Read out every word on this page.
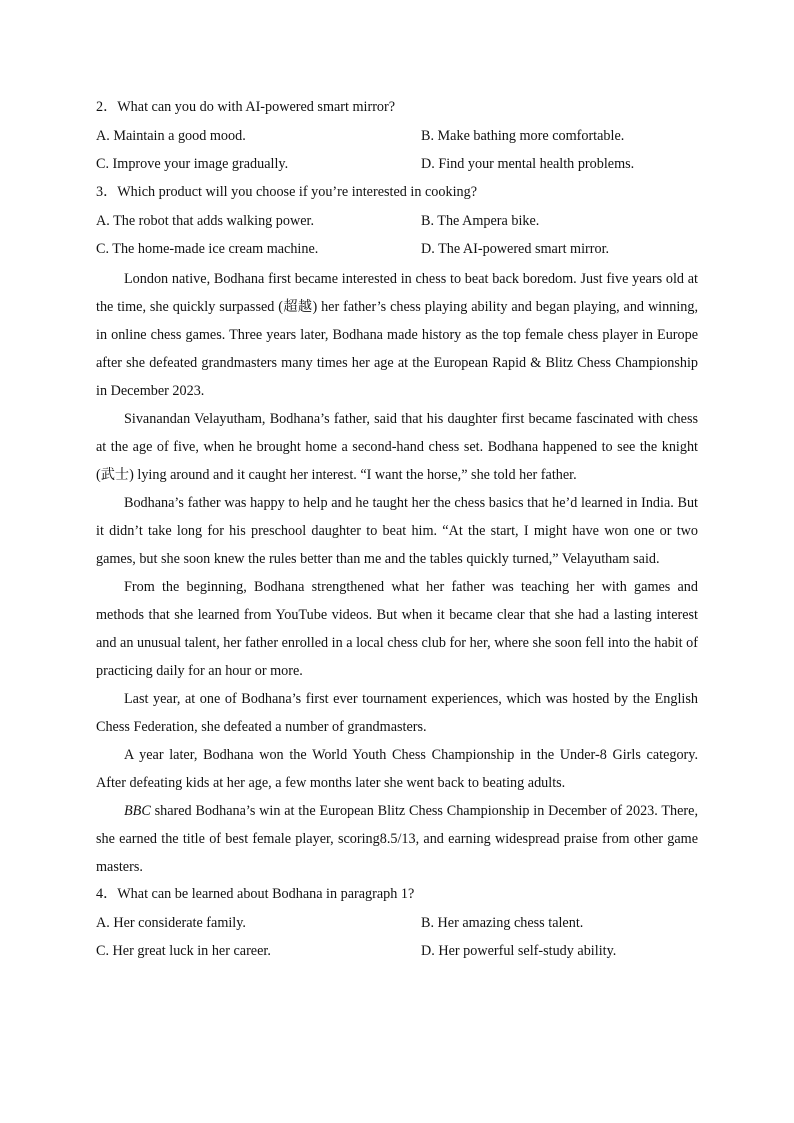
2．What can you do with AI-powered smart mirror?
A. Maintain a good mood.	B. Make bathing more comfortable.
C. Improve your image gradually.	D. Find your mental health problems.
3．Which product will you choose if you’re interested in cooking?
A. The robot that adds walking power.	B. The Ampera bike.
C. The home-made ice cream machine.	D. The AI-powered smart mirror.

London native, Bodhana first became interested in chess to beat back boredom. Just five years old at the time, she quickly surpassed (超越) her father’s chess playing ability and began playing, and winning, in online chess games. Three years later, Bodhana made history as the top female chess player in Europe after she defeated grandmasters many times her age at the European Rapid & Blitz Chess Championship in December 2023.

Sivanandan Velayutham, Bodhana’s father, said that his daughter first became fascinated with chess at the age of five, when he brought home a second-hand chess set. Bodhana happened to see the knight (武士) lying around and it caught her interest. “I want the horse,” she told her father.

Bodhana’s father was happy to help and he taught her the chess basics that he’d learned in India. But it didn’t take long for his preschool daughter to beat him. “At the start, I might have won one or two games, but she soon knew the rules better than me and the tables quickly turned,” Velayutham said.

From the beginning, Bodhana strengthened what her father was teaching her with games and methods that she learned from YouTube videos. But when it became clear that she had a lasting interest and an unusual talent, her father enrolled in a local chess club for her, where she soon fell into the habit of practicing daily for an hour or more.

Last year, at one of Bodhana’s first ever tournament experiences, which was hosted by the English Chess Federation, she defeated a number of grandmasters.

A year later, Bodhana won the World Youth Chess Championship in the Under-8 Girls category. After defeating kids at her age, a few months later she went back to beating adults.

BBC shared Bodhana’s win at the European Blitz Chess Championship in December of 2023. There, she earned the title of best female player, scoring8.5/13, and earning widespread praise from other game masters.

4．What can be learned about Bodhana in paragraph 1?
A. Her considerate family.	B. Her amazing chess talent.
C. Her great luck in her career.	D. Her powerful self-study ability.
